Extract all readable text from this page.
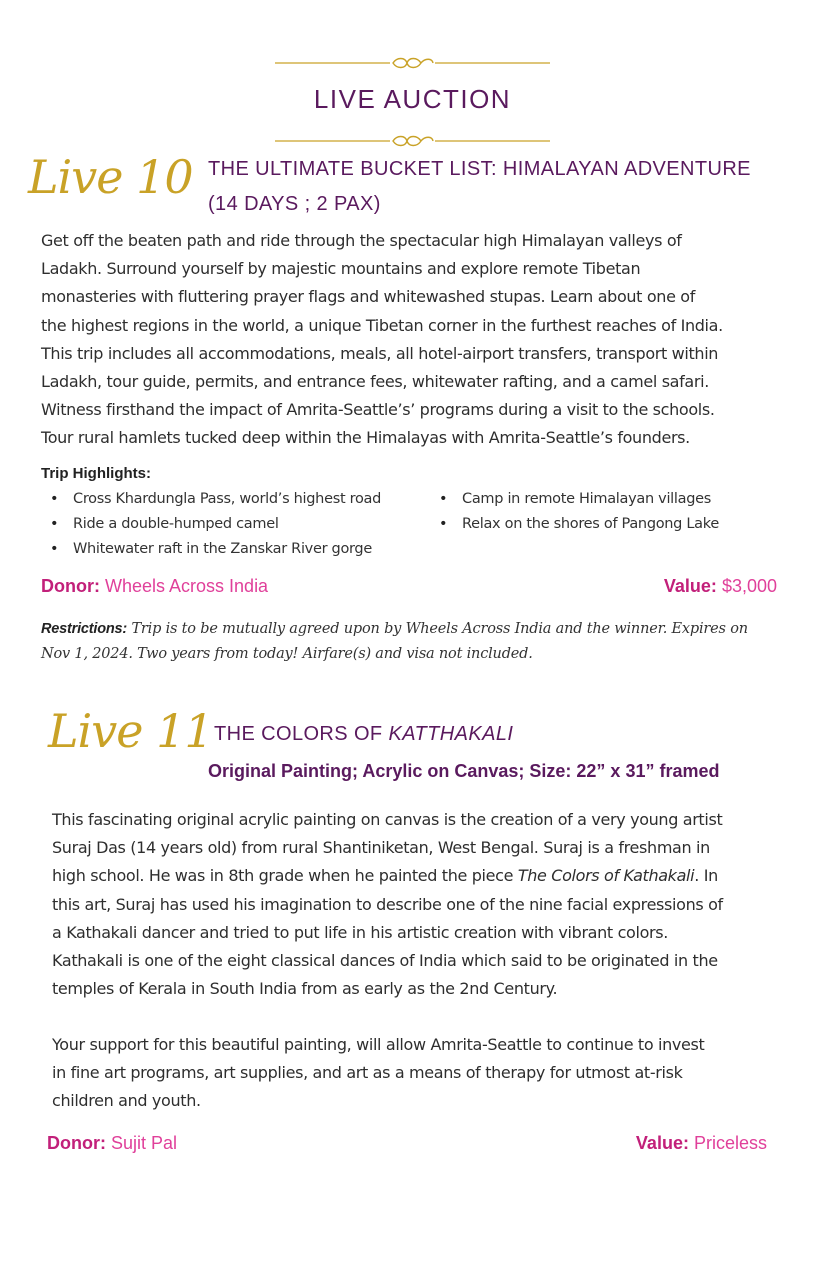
LIVE AUCTION
Live 10 THE ULTIMATE BUCKET LIST: HIMALAYAN ADVENTURE
(14 DAYS ; 2 PAX)

Get off the beaten path and ride through the spectacular high Himalayan valleys of

Ladakh. Surround yourself by majestic mountains and explore remote Tibetan

monasteries with fluttering prayer flags and whitewashed stupas. Learn about one of

the highest regions in the world, a unique Tibetan corner in the furthest reaches of India.

This trip includes all accommodations, meals, all hotel-airport transfers, transport within

Ladakh, tour guide, permits, and entrance fees, whitewater rafting, and a camel safari.

Witness firsthand the impact of Amrita-Seattle’s’ programs during a visit to the schools.

Tour rural hamlets tucked deep within the Himalayas with Amrita-Seattle’s founders.

Trip Highlights:
• Cross Khardungla Pass, world’s highest road
• Ride a double-humped camel
• Whitewater raft in the Zanskar River gorge
• Camp in remote Himalayan villages
• Relax on the shores of Pangong Lake
Donor: Wheels Across India	Value: $3,000
Restrictions: Trip is to be mutually agreed upon by Wheels Across India and the winner. Expires on Nov 1, 2024. Two years from today! Airfare(s) and visa not included.
Live 11 THE COLORS OF KATTHAKALI
Original Painting; Acrylic on Canvas; Size: 22” x 31” framed

This fascinating original acrylic painting on canvas is the creation of a very young artist

Suraj Das (14 years old) from rural Shantiniketan, West Bengal. Suraj is a freshman in

high school. He was in 8th grade when he painted the piece The Colors of Kathakali. In

this art, Suraj has used his imagination to describe one of the nine facial expressions of

a Kathakali dancer and tried to put life in his artistic creation with vibrant colors.

Kathakali is one of the eight classical dances of India which said to be originated in the

temples of Kerala in South India from as early as the 2nd Century.

Your support for this beautiful painting, will allow Amrita-Seattle to continue to invest

in fine art programs, art supplies, and art as a means of therapy for utmost at-risk

children and youth.

Donor: Sujit Pal	Value: Priceless
